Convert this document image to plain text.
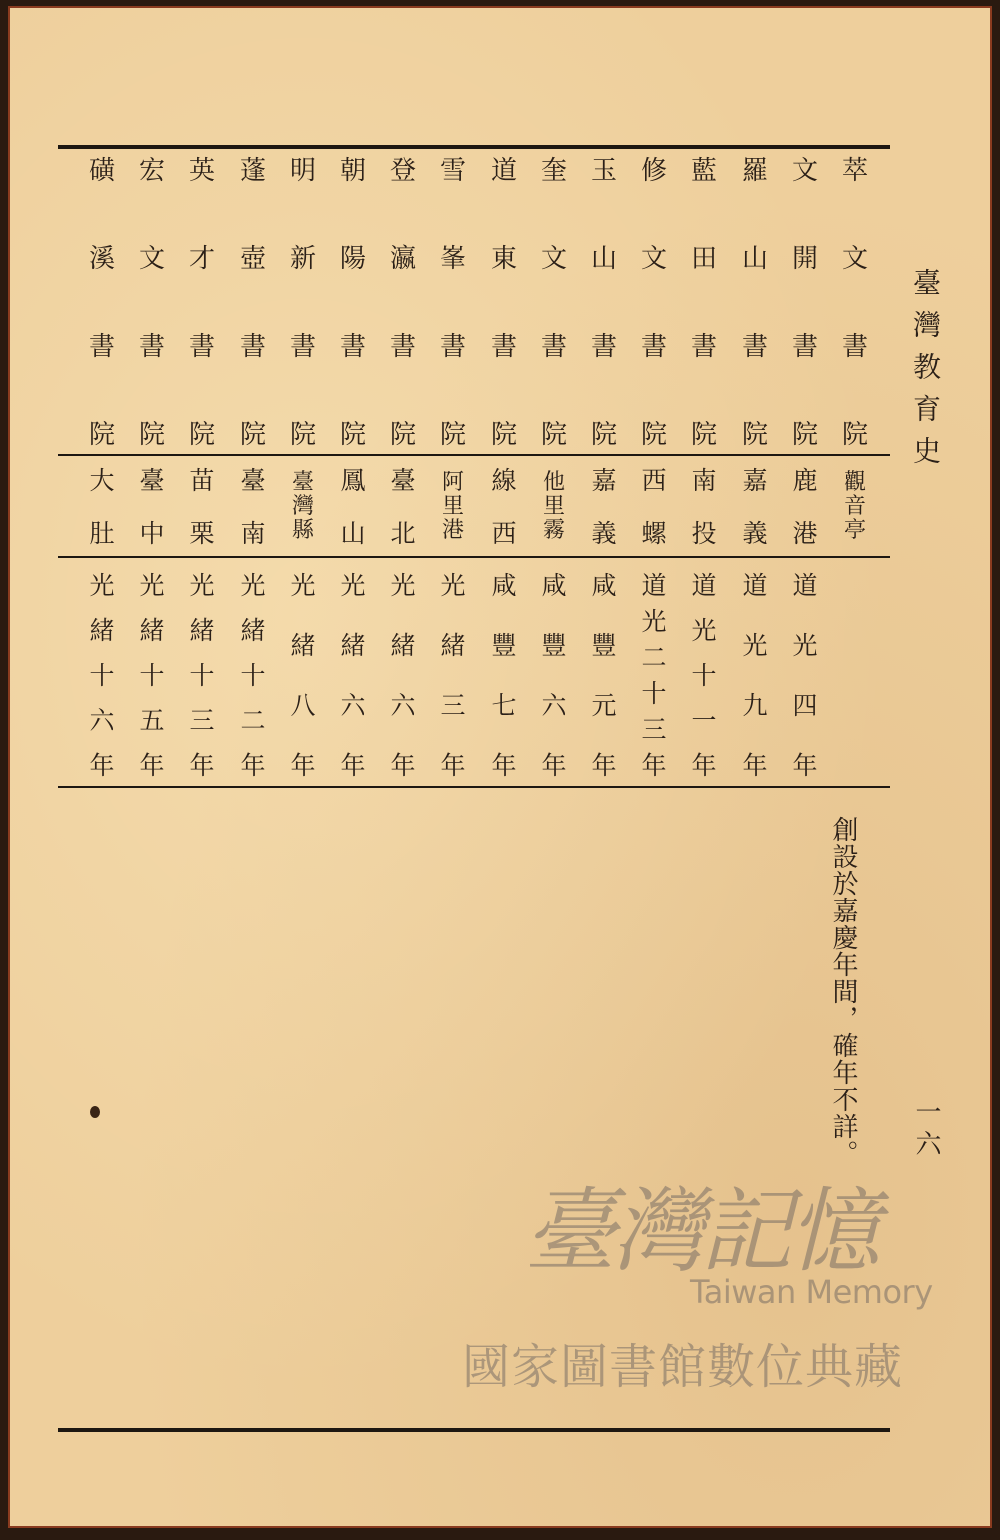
萃
文
書
院
觀
音
亭
文
開
書
院
鹿
港
道
光
四
年
羅
山
書
院
嘉
義
道
光
九
年
藍
田
書
院
南
投
道
光
十
一
年
修
文
書
院
西
螺
道
光
二
十
三
年
玉
山
書
院
嘉
義
咸
豐
元
年
奎
文
書
院
他
里
霧
咸
豐
六
年
道
東
書
院
線
西
咸
豐
七
年
雪
峯
書
院
阿
里
港
光
緒
三
年
登
瀛
書
院
臺
北
光
緒
六
年
朝
陽
書
院
鳳
山
光
緒
六
年
明
新
書
院
臺
灣
縣
光
緒
八
年
蓬
壺
書
院
臺
南
光
緒
十
二
年
英
才
書
院
苗
栗
光
緒
十
三
年
宏
文
書
院
臺
中
光
緒
十
五
年
磺
溪
書
院
大
肚
光
緒
十
六
年
臺灣教育史
一六
創設於嘉慶年間，確年不詳。
臺灣記憶
Taiwan Memory
國家圖書館數位典藏
